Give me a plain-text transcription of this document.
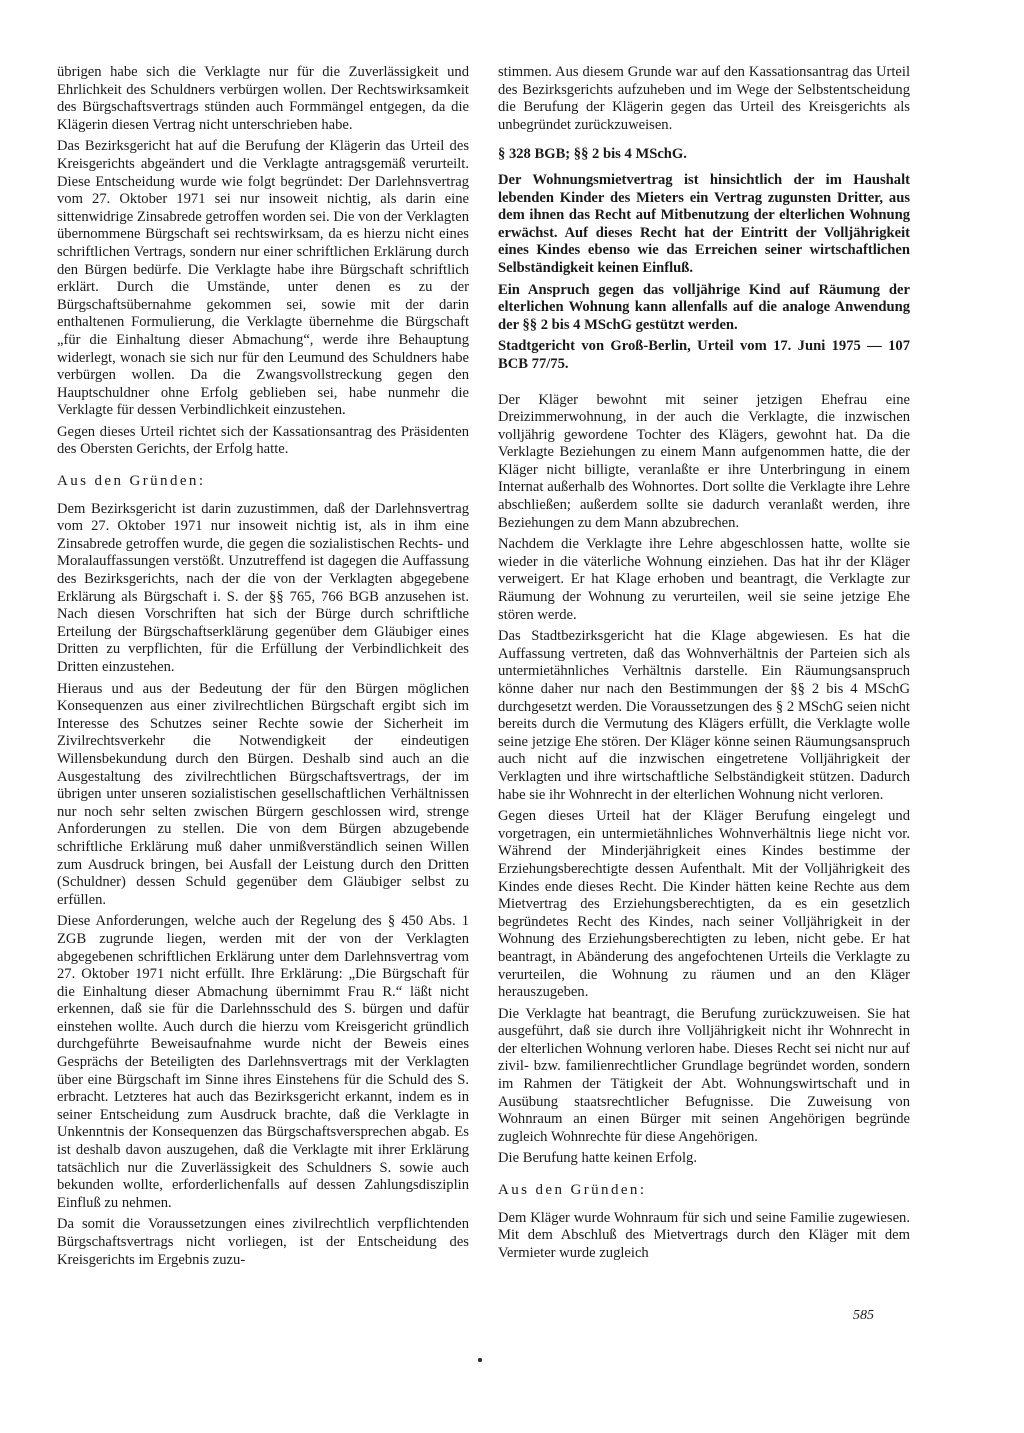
übrigen habe sich die Verklagte nur für die Zuverlässigkeit und Ehrlichkeit des Schuldners verbürgen wollen. Der Rechtswirksamkeit des Bürgschaftsvertrags stünden auch Formmängel entgegen, da die Klägerin diesen Vertrag nicht unterschrieben habe.

Das Bezirksgericht hat auf die Berufung der Klägerin das Urteil des Kreisgerichts abgeändert und die Verklagte antragsgemäß verurteilt. Diese Entscheidung wurde wie folgt begründet: Der Darlehnsvertrag vom 27. Oktober 1971 sei nur insoweit nichtig, als darin eine sittenwidrige Zinsabrede getroffen worden sei. Die von der Verklagten übernommene Bürgschaft sei rechtswirksam, da es hierzu nicht eines schriftlichen Vertrags, sondern nur einer schriftlichen Erklärung durch den Bürgen bedürfe. Die Verklagte habe ihre Bürgschaft schriftlich erklärt. Durch die Umstände, unter denen es zu der Bürgschaftsübernahme gekommen sei, sowie mit der darin enthaltenen Formulierung, die Verklagte übernehme die Bürgschaft „für die Einhaltung dieser Abmachung“, werde ihre Behauptung widerlegt, wonach sie sich nur für den Leumund des Schuldners habe verbürgen wollen. Da die Zwangsvollstreckung gegen den Hauptschuldner ohne Erfolg geblieben sei, habe nunmehr die Verklagte für dessen Verbindlichkeit einzustehen.

Gegen dieses Urteil richtet sich der Kassationsantrag des Präsidenten des Obersten Gerichts, der Erfolg hatte.

Aus den Gründen:

Dem Bezirksgericht ist darin zuzustimmen, daß der Darlehnsvertrag vom 27. Oktober 1971 nur insoweit nichtig ist, als in ihm eine Zinsabrede getroffen wurde, die gegen die sozialistischen Rechts- und Moralauffassungen verstößt. Unzutreffend ist dagegen die Auffassung des Bezirksgerichts, nach der die von der Verklagten abgegebene Erklärung als Bürgschaft i. S. der §§ 765, 766 BGB anzusehen ist. Nach diesen Vorschriften hat sich der Bürge durch schriftliche Erteilung der Bürgschaftserklärung gegenüber dem Gläubiger eines Dritten zu verpflichten, für die Erfüllung der Verbindlichkeit des Dritten einzustehen.

Hieraus und aus der Bedeutung der für den Bürgen möglichen Konsequenzen aus einer zivilrechtlichen Bürgschaft ergibt sich im Interesse des Schutzes seiner Rechte sowie der Sicherheit im Zivilrechtsverkehr die Notwendigkeit der eindeutigen Willensbekundung durch den Bürgen. Deshalb sind auch an die Ausgestaltung des zivilrechtlichen Bürgschaftsvertrags, der im übrigen unter unseren sozialistischen gesellschaftlichen Verhältnissen nur noch sehr selten zwischen Bürgern geschlossen wird, strenge Anforderungen zu stellen. Die von dem Bürgen abzugebende schriftliche Erklärung muß daher unmißverständlich seinen Willen zum Ausdruck bringen, bei Ausfall der Leistung durch den Dritten (Schuldner) dessen Schuld gegenüber dem Gläubiger selbst zu erfüllen.

Diese Anforderungen, welche auch der Regelung des § 450 Abs. 1 ZGB zugrunde liegen, werden mit der von der Verklagten abgegebenen schriftlichen Erklärung unter dem Darlehnsvertrag vom 27. Oktober 1971 nicht erfüllt. Ihre Erklärung: „Die Bürgschaft für die Einhaltung dieser Abmachung übernimmt Frau R.“ läßt nicht erkennen, daß sie für die Darlehnsschuld des S. bürgen und dafür einstehen wollte. Auch durch die hierzu vom Kreisgericht gründlich durchgeführte Beweisaufnahme wurde nicht der Beweis eines Gesprächs der Beteiligten des Darlehnsvertrags mit der Verklagten über eine Bürgschaft im Sinne ihres Einstehens für die Schuld des S. erbracht. Letzteres hat auch das Bezirksgericht erkannt, indem es in seiner Entscheidung zum Ausdruck brachte, daß die Verklagte in Unkenntnis der Konsequenzen das Bürgschaftsversprechen abgab. Es ist deshalb davon auszugehen, daß die Verklagte mit ihrer Erklärung tatsächlich nur die Zuverlässigkeit des Schuldners S. sowie auch bekunden wollte, erforderlichenfalls auf dessen Zahlungsdisziplin Einfluß zu nehmen.

Da somit die Voraussetzungen eines zivilrechtlich verpflichtenden Bürgschaftsvertrags nicht vorliegen, ist der Entscheidung des Kreisgerichts im Ergebnis zuzu-

stimmen. Aus diesem Grunde war auf den Kassationsantrag das Urteil des Bezirksgerichts aufzuheben und im Wege der Selbstentscheidung die Berufung der Klägerin gegen das Urteil des Kreisgerichts als unbegründet zurückzuweisen.

§ 328 BGB; §§ 2 bis 4 MSchG.

Der Wohnungsmietvertrag ist hinsichtlich der im Haushalt lebenden Kinder des Mieters ein Vertrag zugunsten Dritter, aus dem ihnen das Recht auf Mitbenutzung der elterlichen Wohnung erwächst. Auf dieses Recht hat der Eintritt der Volljährigkeit eines Kindes ebenso wie das Erreichen seiner wirtschaftlichen Selbständigkeit keinen Einfluß.

Ein Anspruch gegen das volljährige Kind auf Räumung der elterlichen Wohnung kann allenfalls auf die analoge Anwendung der §§ 2 bis 4 MSchG gestützt werden.

Stadtgericht von Groß-Berlin, Urteil vom 17. Juni 1975 — 107 BCB 77/75.

Der Kläger bewohnt mit seiner jetzigen Ehefrau eine Dreizimmerwohnung, in der auch die Verklagte, die inzwischen volljährig gewordene Tochter des Klägers, gewohnt hat. Da die Verklagte Beziehungen zu einem Mann aufgenommen hatte, die der Kläger nicht billigte, veranlaßte er ihre Unterbringung in einem Internat außerhalb des Wohnortes. Dort sollte die Verklagte ihre Lehre abschließen; außerdem sollte sie dadurch veranlaßt werden, ihre Beziehungen zu dem Mann abzubrechen.

Nachdem die Verklagte ihre Lehre abgeschlossen hatte, wollte sie wieder in die väterliche Wohnung einziehen. Das hat ihr der Kläger verweigert. Er hat Klage erhoben und beantragt, die Verklagte zur Räumung der Wohnung zu verurteilen, weil sie seine jetzige Ehe stören werde.

Das Stadtbezirksgericht hat die Klage abgewiesen. Es hat die Auffassung vertreten, daß das Wohnverhältnis der Parteien sich als untermietähnliches Verhältnis darstelle. Ein Räumungsanspruch könne daher nur nach den Bestimmungen der §§ 2 bis 4 MSchG durchgesetzt werden. Die Voraussetzungen des § 2 MSchG seien nicht bereits durch die Vermutung des Klägers erfüllt, die Verklagte wolle seine jetzige Ehe stören. Der Kläger könne seinen Räumungsanspruch auch nicht auf die inzwischen eingetretene Volljährigkeit der Verklagten und ihre wirtschaftliche Selbständigkeit stützen. Dadurch habe sie ihr Wohnrecht in der elterlichen Wohnung nicht verloren.

Gegen dieses Urteil hat der Kläger Berufung eingelegt und vorgetragen, ein untermietähnliches Wohnverhältnis liege nicht vor. Während der Minderjährigkeit eines Kindes bestimme der Erziehungsberechtigte dessen Aufenthalt. Mit der Volljährigkeit des Kindes ende dieses Recht. Die Kinder hätten keine Rechte aus dem Mietvertrag des Erziehungsberechtigten, da es ein gesetzlich begründetes Recht des Kindes, nach seiner Volljährigkeit in der Wohnung des Erziehungsberechtigten zu leben, nicht gebe. Er hat beantragt, in Abänderung des angefochtenen Urteils die Verklagte zu verurteilen, die Wohnung zu räumen und an den Kläger herauszugeben.

Die Verklagte hat beantragt, die Berufung zurückzuweisen. Sie hat ausgeführt, daß sie durch ihre Volljährigkeit nicht ihr Wohnrecht in der elterlichen Wohnung verloren habe. Dieses Recht sei nicht nur auf zivil- bzw. familienrechtlicher Grundlage begründet worden, sondern im Rahmen der Tätigkeit der Abt. Wohnungswirtschaft und in Ausübung staatsrechtlicher Befugnisse. Die Zuweisung von Wohnraum an einen Bürger mit seinen Angehörigen begründe zugleich Wohnrechte für diese Angehörigen.

Die Berufung hatte keinen Erfolg.

Aus den Gründen:

Dem Kläger wurde Wohnraum für sich und seine Familie zugewiesen. Mit dem Abschluß des Mietvertrags durch den Kläger mit dem Vermieter wurde zugleich

585
